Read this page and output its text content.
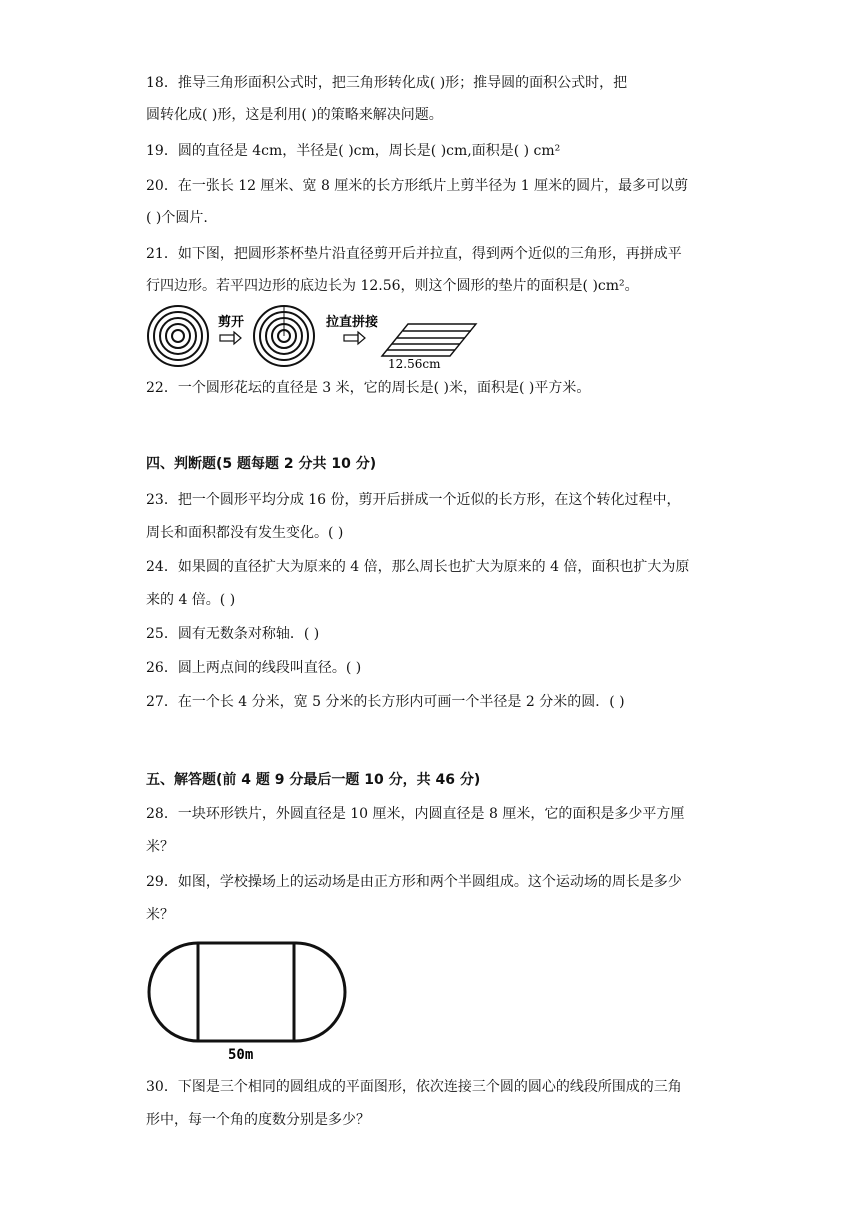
18．推导三角形面积公式时，把三角形转化成( )形；推导圆的面积公式时，把
圆转化成( )形，这是利用( )的策略来解决问题。
19．圆的直径是 4cm，半径是( )cm，周长是( )cm,面积是( ) cm²
20．在一张长 12 厘米、宽 8 厘米的长方形纸片上剪半径为 1 厘米的圆片，最多可以剪
( )个圆片.
21．如下图，把圆形茶杯垫片沿直径剪开后并拉直，得到两个近似的三角形，再拼成平
行四边形。若平四边形的底边长为 12.56，则这个圆形的垫片的面积是( )cm²。
剪开	拉直拼接
12.56cm
22．一个圆形花坛的直径是 3 米，它的周长是( )米，面积是( )平方米。
四、判断题(5 题每题 2 分共 10 分)
23．把一个圆形平均分成 16 份，剪开后拼成一个近似的长方形，在这个转化过程中，
周长和面积都没有发生变化。( )
24．如果圆的直径扩大为原来的 4 倍，那么周长也扩大为原来的 4 倍，面积也扩大为原
来的 4 倍。( )
25．圆有无数条对称轴．( )
26．圆上两点间的线段叫直径。( )
27．在一个长 4 分米，宽 5 分米的长方形内可画一个半径是 2 分米的圆．( )
五、解答题(前 4 题 9 分最后一题 10 分，共 46 分)
28．一块环形铁片，外圆直径是 10 厘米，内圆直径是 8 厘米，它的面积是多少平方厘
米？
29．如图，学校操场上的运动场是由正方形和两个半圆组成。这个运动场的周长是多少
米？
50m
30．下图是三个相同的圆组成的平面图形，依次连接三个圆的圆心的线段所围成的三角
形中，每一个角的度数分别是多少？
